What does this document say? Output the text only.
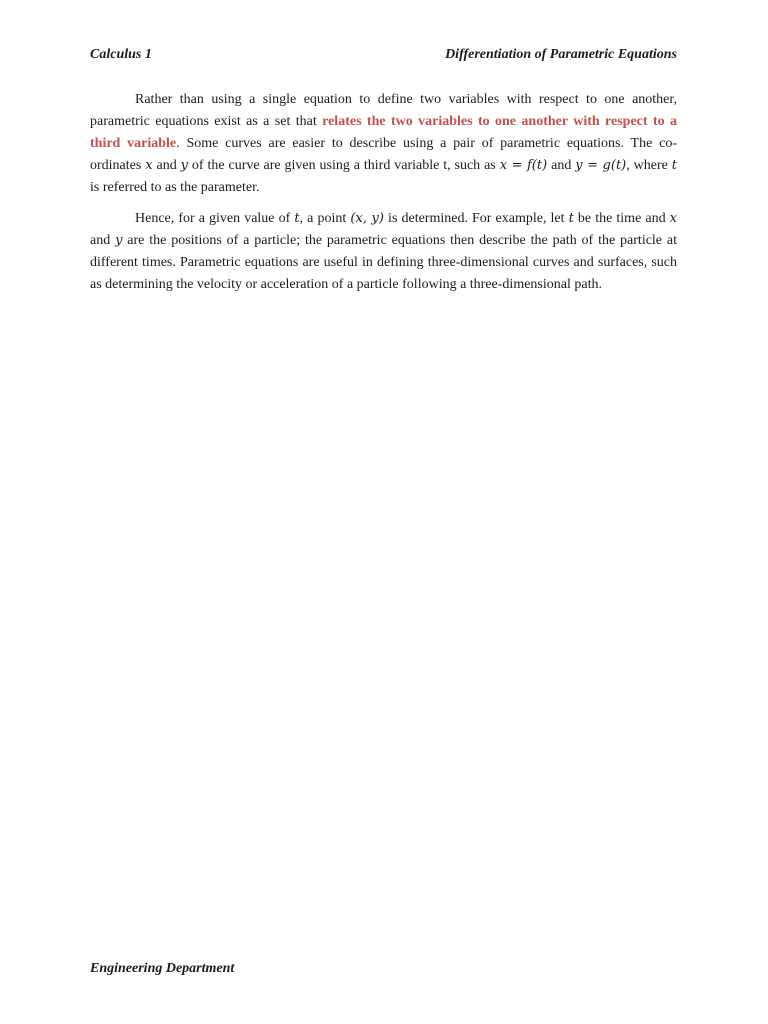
Calculus 1	Differentiation of Parametric Equations

Rather than using a single equation to define two variables with respect to one another, parametric equations exist as a set that relates the two variables to one another with respect to a third variable. Some curves are easier to describe using a pair of parametric equations. The co-ordinates x and y of the curve are given using a third variable t, such as x = f(t) and y = g(t), where t is referred to as the parameter.

Hence, for a given value of t, a point (x, y) is determined. For example, let t be the time and x and y are the positions of a particle; the parametric equations then describe the path of the particle at different times. Parametric equations are useful in defining three-dimensional curves and surfaces, such as determining the velocity or acceleration of a particle following a three-dimensional path.

Engineering Department
